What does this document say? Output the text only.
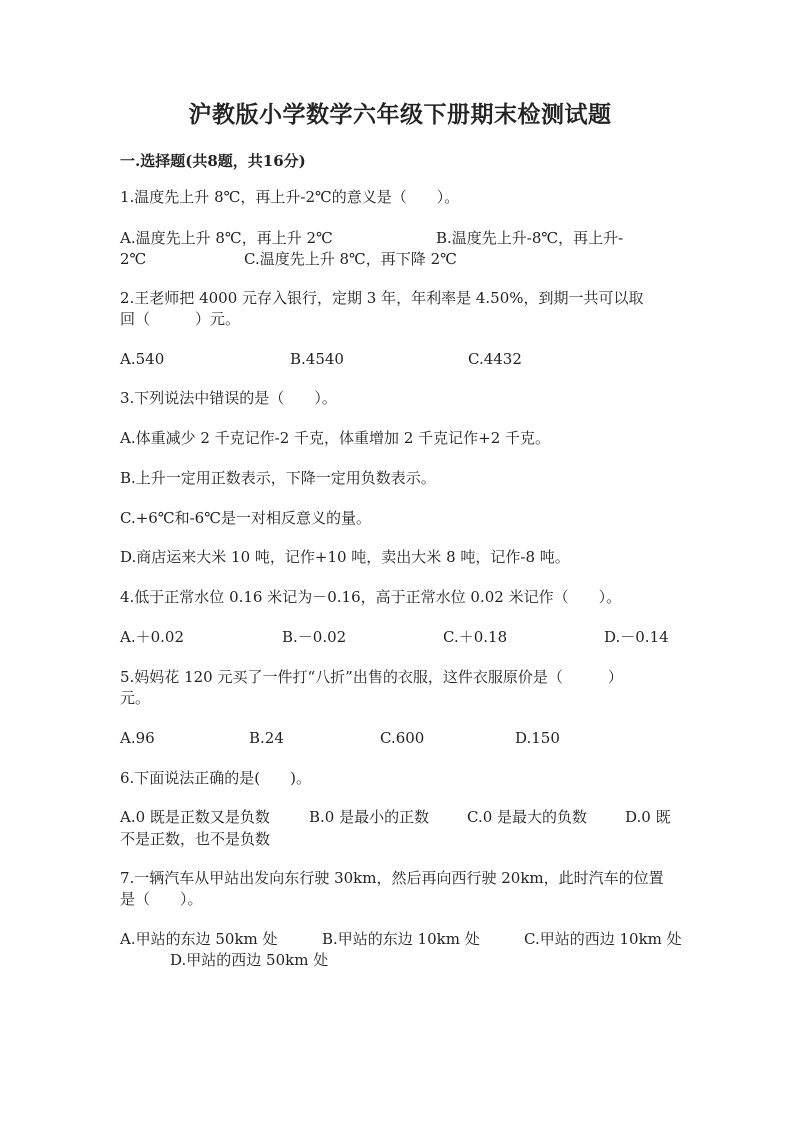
沪教版小学数学六年级下册期末检测试题
一.选择题(共8题，共16分)
1.温度先上升 8℃，再上升-2℃的意义是（　　）。
A.温度先上升 8℃，再上升 2℃	B.温度先上升-8℃，再上升-
2℃	C.温度先上升 8℃，再下降 2℃
2.王老师把 4000 元存入银行，定期 3 年，年利率是 4.50%，到期一共可以取
回（　　　）元。
A.540	B.4540	C.4432
3.下列说法中错误的是（　　）。
A.体重减少 2 千克记作-2 千克，体重增加 2 千克记作+2 千克。
B.上升一定用正数表示，下降一定用负数表示。
C.+6℃和-6℃是一对相反意义的量。
D.商店运来大米 10 吨，记作+10 吨，卖出大米 8 吨，记作-8 吨。
4.低于正常水位 0.16 米记为－0.16，高于正常水位 0.02 米记作（　　）。
A.＋0.02	B.－0.02	C.＋0.18	D.－0.14
5.妈妈花 120 元买了一件打“八折”出售的衣服，这件衣服原价是（　　　）
元。
A.96	B.24	C.600	D.150
6.下面说法正确的是(　　)。
A.0 既是正数又是负数	B.0 是最小的正数	C.0 是最大的负数	D.0 既
不是正数，也不是负数
7.一辆汽车从甲站出发向东行驶 30km，然后再向西行驶 20km，此时汽车的位置
是（　　）。
A.甲站的东边 50km 处	B.甲站的东边 10km 处	C.甲站的西边 10km 处
D.甲站的西边 50km 处
